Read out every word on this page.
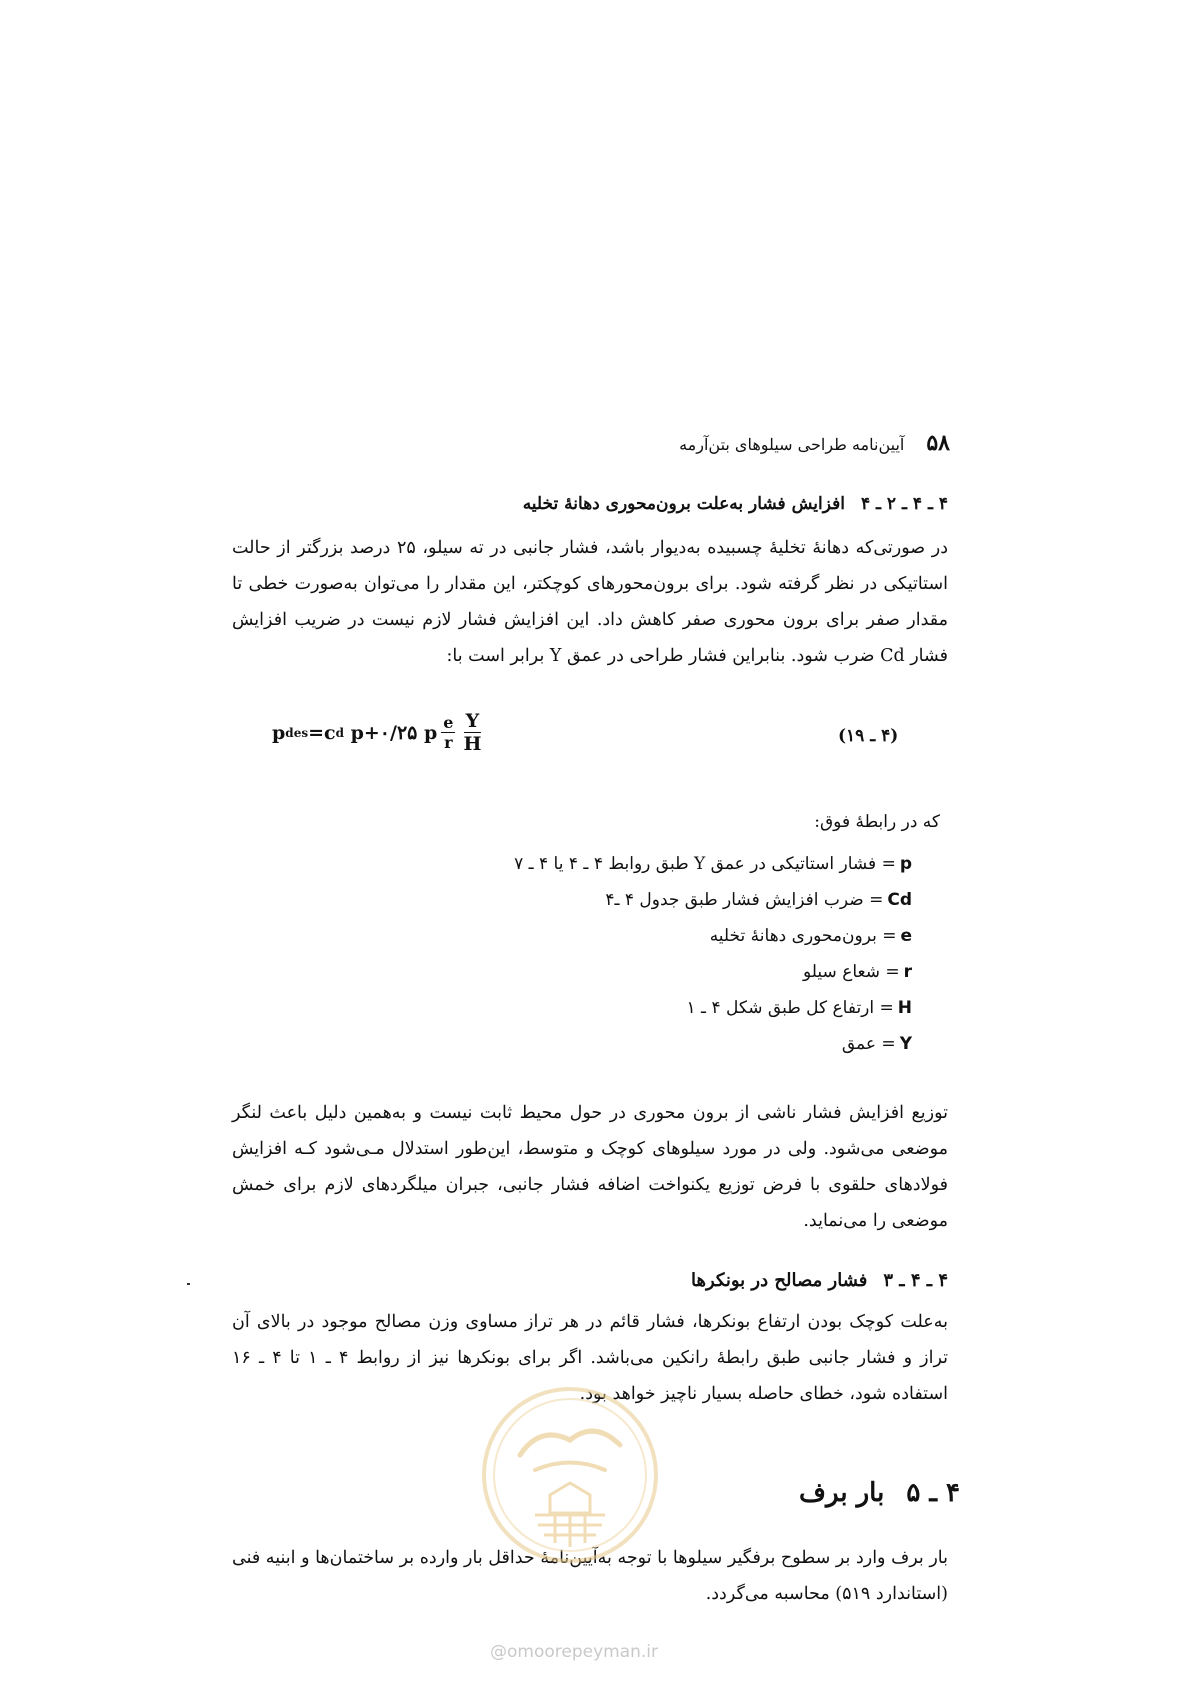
۵۸
آیین‌نامه طراحی سیلوهای بتن‌آرمه
۴ ـ ۴ ـ ۲ ـ ۴افزایش فشار به‌علت برون‌محوری دهانهٔ تخلیه
در صورتی‌که دهانهٔ تخلیهٔ چسبیده به‌دیوار باشد، فشار جانبی در ته سیلو، ۲۵ درصد بزرگتر از حالت استاتیکی در نظر گرفته شود. برای برون‌محورهای کوچکتر، این مقدار را می‌توان به‌صورت خطی تا مقدار صفر برای برون محوری صفر کاهش داد. این افزایش فشار لازم نیست در ضریب افزایش فشار Cd ضرب شود. بنابراین فشار طراحی در عمق Y برابر است با:
p des = c d
p+۰/۲۵ p $\frac{e}{r} \frac{Y}{H}$	(۴ ـ ۱۹)
که در رابطهٔ فوق:
p
= فشار استاتیکی در عمق Y طبق روابط ۴ ـ ۴ یا ۴ ـ ۷
Cd
= ضرب افزایش فشار طبق جدول ۴ ـ۴
e
= برون‌محوری دهانهٔ تخلیه
r
= شعاع سیلو
H
= ارتفاع کل طبق شکل ۴ ـ ۱
Y
= عمق
توزیع افزایش فشار ناشی از برون محوری در حول محیط ثابت نیست و به‌همین دلیل باعث لنگر موضعی می‌شود. ولی در مورد سیلوهای کوچک و متوسط، این‌طور استدلال مـی‌شود کـه افزایش فولادهای حلقوی با فرض توزیع یکنواخت اضافه فشار جانبی، جبران میلگردهای لازم برای خمش موضعی را می‌نماید.
۴ ـ ۴ ـ ۳فشار مصالح در بونکرها
به‌علت کوچک بودن ارتفاع بونکرها، فشار قائم در هر تراز مساوی وزن مصالح موجود در بالای آن تراز و فشار جانبی طبق رابطهٔ رانکین می‌باشد. اگر برای بونکرها نیز از روابط ۴ ـ ۱ تا ۴ ـ ۱۶ استفاده شود، خطای حاصله بسیار ناچیز خواهد بود.
۴ ـ ۵بار برف
بار برف وارد بر سطوح برفگیر سیلوها با توجه به‌آیین‌نامهٔ حداقل بار وارده بر ساختمان‌ها و ابنیه فنی (استاندارد ۵۱۹) محاسبه می‌گردد.
@omoorepeyman.ir
